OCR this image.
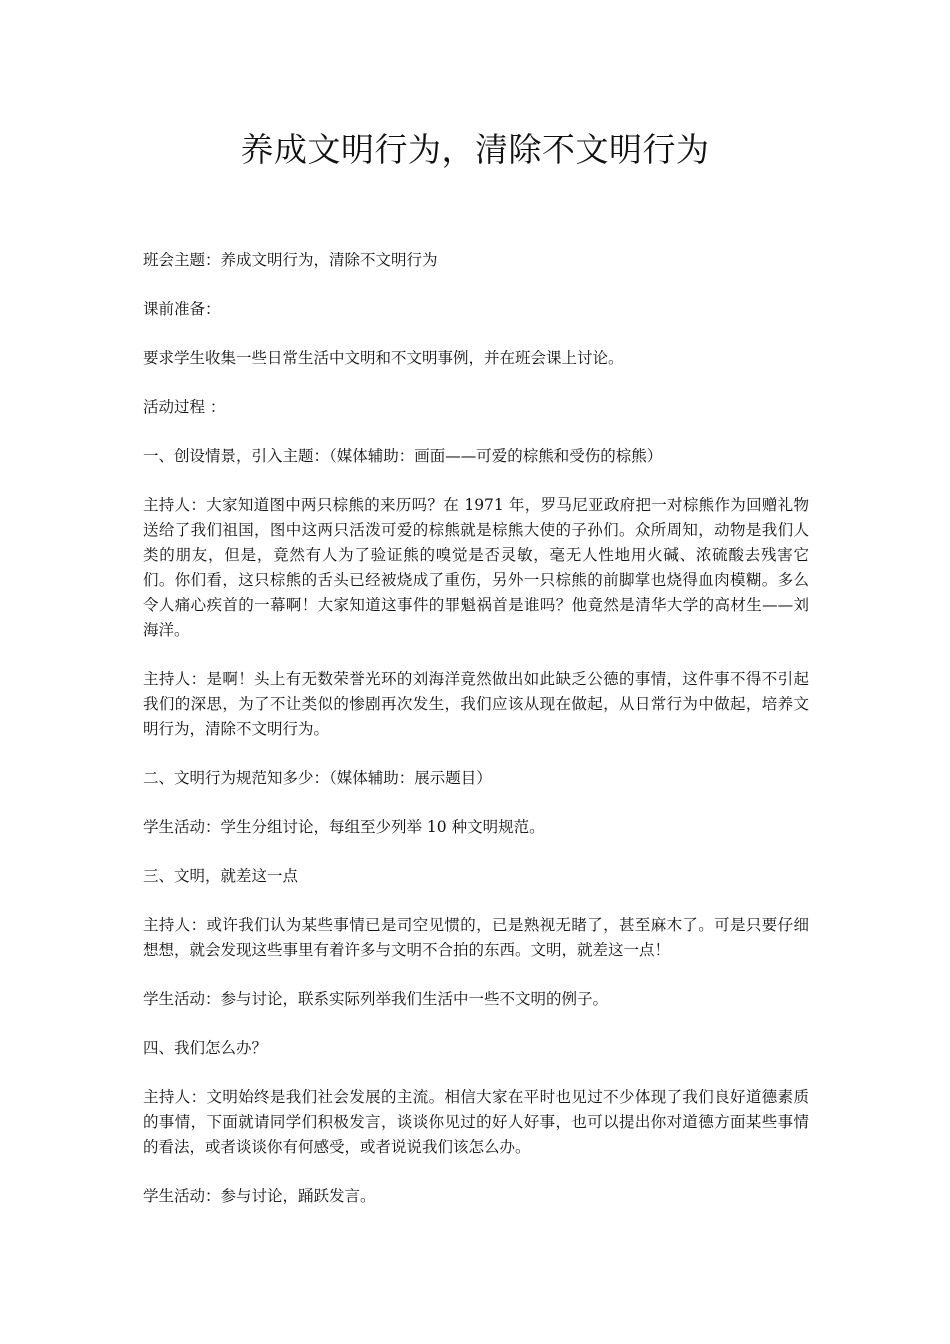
养成文明行为，清除不文明行为

班会主题：养成文明行为，清除不文明行为

课前准备：

要求学生收集一些日常生活中文明和不文明事例，并在班会课上讨论。

活动过程 ：

一、创设情景，引入主题：（媒体辅助：画面——可爱的棕熊和受伤的棕熊）

主持人：大家知道图中两只棕熊的来历吗？在 1971 年，罗马尼亚政府把一对棕熊作为回赠礼物送给了我们祖国，图中这两只活泼可爱的棕熊就是棕熊大使的子孙们。众所周知，动物是我们人类的朋友，但是，竟然有人为了验证熊的嗅觉是否灵敏，毫无人性地用火碱、浓硫酸去残害它们。你们看，这只棕熊的舌头已经被烧成了重伤，另外一只棕熊的前脚掌也烧得血肉模糊。多么令人痛心疾首的一幕啊！大家知道这事件的罪魁祸首是谁吗？他竟然是清华大学的高材生——刘海洋。

主持人：是啊！头上有无数荣誉光环的刘海洋竟然做出如此缺乏公德的事情，这件事不得不引起我们的深思，为了不让类似的惨剧再次发生，我们应该从现在做起，从日常行为中做起，培养文明行为，清除不文明行为。

二、文明行为规范知多少：（媒体辅助：展示题目）

学生活动：学生分组讨论，每组至少列举 10 种文明规范。

三、文明，就差这一点

主持人：或许我们认为某些事情已是司空见惯的，已是熟视无睹了，甚至麻木了。可是只要仔细想想，就会发现这些事里有着许多与文明不合拍的东西。文明，就差这一点！

学生活动：参与讨论，联系实际列举我们生活中一些不文明的例子。

四、我们怎么办？

主持人：文明始终是我们社会发展的主流。相信大家在平时也见过不少体现了我们良好道德素质的事情，下面就请同学们积极发言，谈谈你见过的好人好事，也可以提出你对道德方面某些事情的看法，或者谈谈你有何感受，或者说说我们该怎么办。

学生活动：参与讨论，踊跃发言。
